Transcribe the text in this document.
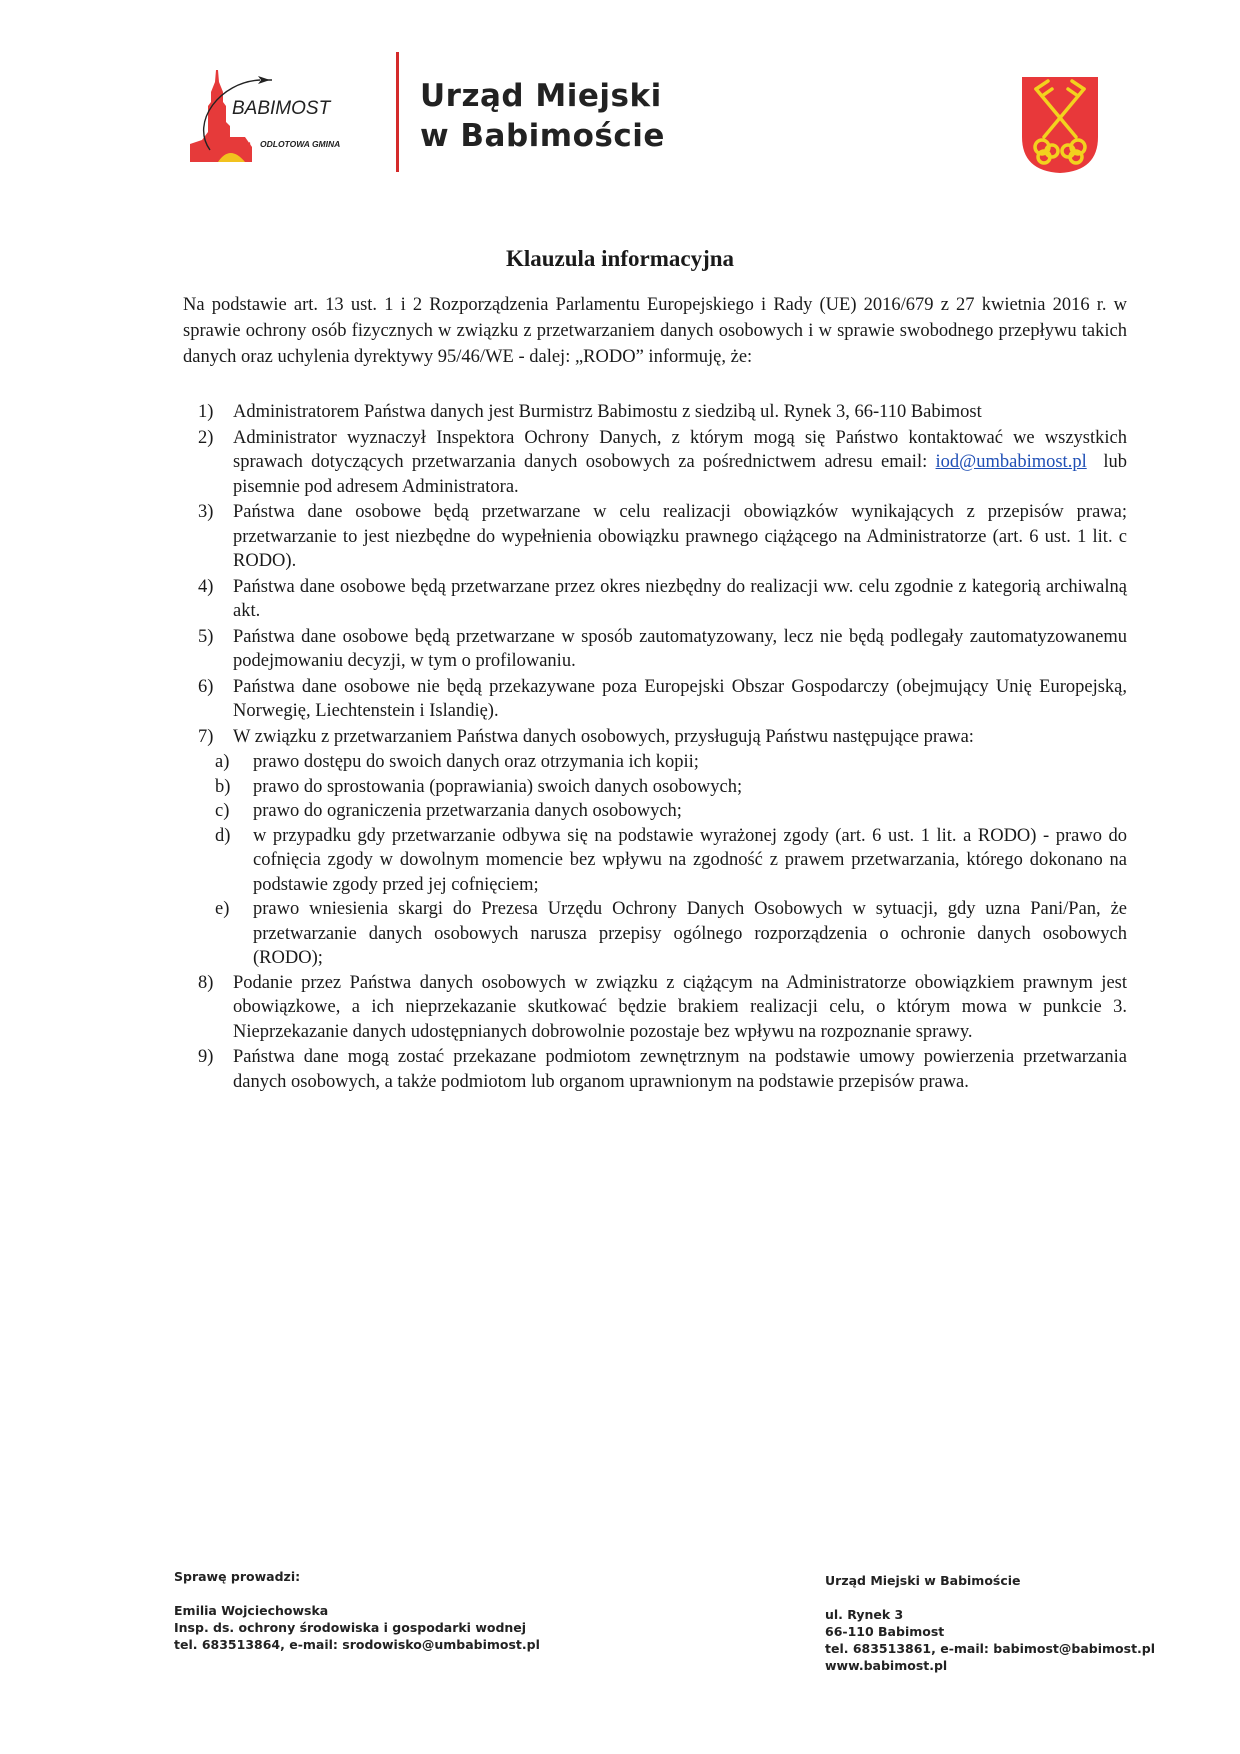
BABIMOST
ODLOTOWA GMINA
Urząd Miejski
w Babimoście
Klauzula informacyjna
Na podstawie art. 13 ust. 1 i 2 Rozporządzenia Parlamentu Europejskiego i Rady (UE) 2016/679 z 27 kwietnia 2016 r. w sprawie ochrony osób fizycznych w związku z przetwarzaniem danych osobowych i w sprawie swobodnego przepływu takich danych oraz uchylenia dyrektywy 95/46/WE - dalej: „RODO” informuję, że:
1)	Administratorem Państwa danych jest Burmistrz Babimostu z siedzibą ul. Rynek 3, 66-110 Babimost
2)	Administrator wyznaczył Inspektora Ochrony Danych, z którym mogą się Państwo kontaktować we wszystkich sprawach dotyczących przetwarzania danych osobowych za pośrednictwem adresu email: iod@umbabimost.pl  lub pisemnie pod adresem Administratora.
3)	Państwa dane osobowe będą przetwarzane w celu realizacji obowiązków wynikających z przepisów prawa; przetwarzanie to jest niezbędne do wypełnienia obowiązku prawnego ciążącego na Administratorze (art. 6 ust. 1 lit. c RODO).
4)	Państwa dane osobowe będą przetwarzane przez okres niezbędny do realizacji ww. celu zgodnie z kategorią archiwalną akt.
5)	Państwa dane osobowe będą przetwarzane w sposób zautomatyzowany, lecz nie będą podlegały zautomatyzowanemu podejmowaniu decyzji, w tym o profilowaniu.
6)	Państwa dane osobowe nie będą przekazywane poza Europejski Obszar Gospodarczy (obejmujący Unię Europejską, Norwegię, Liechtenstein i Islandię).
7)	W związku z przetwarzaniem Państwa danych osobowych, przysługują Państwu następujące prawa:
a)	prawo dostępu do swoich danych oraz otrzymania ich kopii;
b)	prawo do sprostowania (poprawiania) swoich danych osobowych;
c)	prawo do ograniczenia przetwarzania danych osobowych;
d)	w przypadku gdy przetwarzanie odbywa się na podstawie wyrażonej zgody (art. 6 ust. 1 lit. a RODO) - prawo do cofnięcia zgody w dowolnym momencie bez wpływu na zgodność z prawem przetwarzania, którego dokonano na podstawie zgody przed jej cofnięciem;
e)	prawo wniesienia skargi do Prezesa Urzędu Ochrony Danych Osobowych w sytuacji, gdy uzna Pani/Pan, że przetwarzanie danych osobowych narusza przepisy ogólnego rozporządzenia o ochronie danych osobowych (RODO);
8)	Podanie przez Państwa danych osobowych w związku z ciążącym na Administratorze obowiązkiem prawnym jest obowiązkowe, a ich nieprzekazanie skutkować będzie brakiem realizacji celu, o którym mowa w punkcie 3. Nieprzekazanie danych udostępnianych dobrowolnie pozostaje bez wpływu na rozpoznanie sprawy.
9)	Państwa dane mogą zostać przekazane podmiotom zewnętrznym na podstawie umowy powierzenia przetwarzania danych osobowych, a także podmiotom lub organom uprawnionym na podstawie przepisów prawa.
Sprawę prowadzi:
Emilia Wojciechowska
Insp. ds. ochrony środowiska i gospodarki wodnej
tel. 683513864, e-mail: srodowisko@umbabimost.pl
Urząd Miejski w Babimoście
ul. Rynek 3
66-110 Babimost
tel. 683513861, e-mail: babimost@babimost.pl
www.babimost.pl
